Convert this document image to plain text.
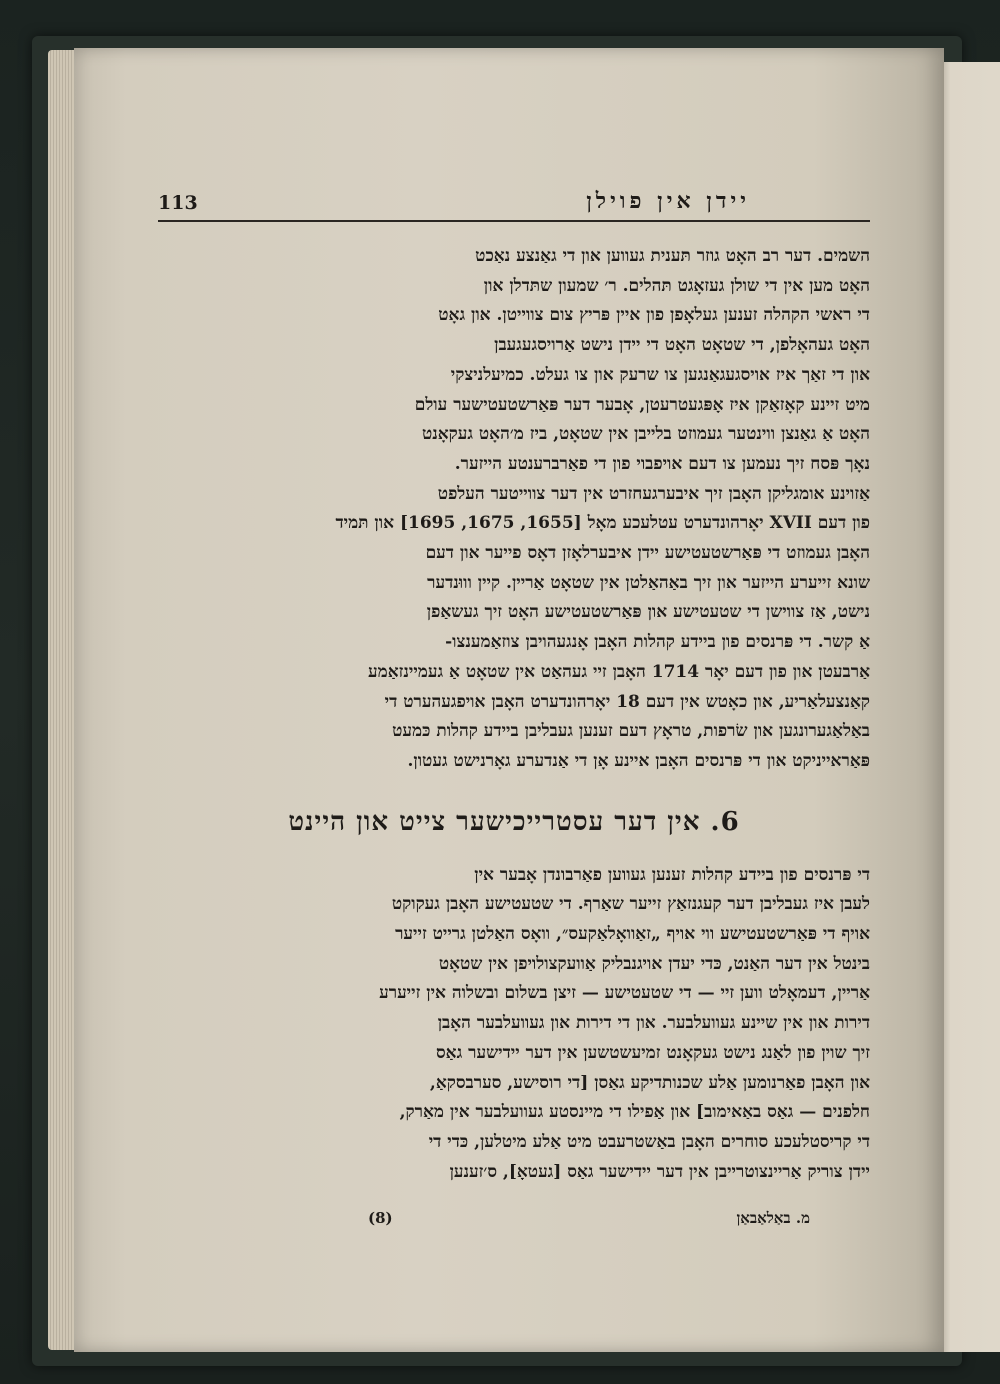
יידן אין פוילן
113

השמים. דער רב האָט גוזר תּענית געווען און די גאַנצע נאַכט

האָט מען אין די שולן געזאָגט תּהלים. ר׳ שמעון שתּדלן און

די ראשי הקהלה זענען געלאָפן פון איין פּריץ צום צווייטן. און גאָט

האָט געהאָלפן, די שטאָט האָט די יידן נישט אַרויסגעגעבן

און די זאַך איז אויסגעגאַנגען צו שרעק און צו געלט. כמיעלניצקי

מיט זיינע קאָזאַקן איז אָפּגעטרעטן, אָבער דער פּאַרשטעטישער עולם

האָט אַ גאַנצן ווינטער געמוזט בלייבן אין שטאָט, ביז מ׳האָט געקאָנט

נאָך פּסח זיך נעמען צו דעם אויפבוי פון די פאַרברענטע הייזער.

אַזוינע אומגליקן האָבן זיך איבערגעחזרט אין דער צווייטער העלפט

פון דעם XVII יאָרהונדערט עטלעכע מאָל [1655, 1675, 1695] און תּמיד

האָבן געמוזט די פּאַרשטעטישע יידן איבערלאָזן דאָס פייער און דעם

שונא זייערע הייזער און זיך באַהאַלטן אין שטאָט אַריין. קיין וווּנדער

נישט, אַז צווישן די שטעטישע און פּאַרשטעטישע האָט זיך געשאַפן

אַ קשר. די פּרנסים פון ביידע קהלות האָבן אָנגעהויבן צוזאַמענצו-

אַרבעטן און פון דעם יאָר 1714 האָבן זיי געהאַט אין שטאָט אַ געמיינזאַמע

קאַנצעלאַריע, און כאָטש אין דעם 18 יאָרהונדערט האָבן אויפגעהערט די

באַלאַגערונגען און שׂרפות, טראָץ דעם זענען געבליבן ביידע קהלות כּמעט

פּאַראייניקט און די פּרנסים האָבן איינע אָן די אַנדערע גאָרנישט געטון.

6. אין דער עסטרייכישער צייט און היינט

די פּרנסים פון ביידע קהלות זענען געווען פאַרבונדן אָבער אין

לעבן איז געבליבן דער קעגנזאַץ זייער שאַרף. די שטעטישע האָבן געקוקט

אויף די פּאַרשטעטישע ווי אויף „זאַוואָלאַקעס״, וואָס האַלטן גרייט זייער

בינטל אין דער האַנט, כּדי יעדן אויגנבליק אַוועקצולויפן אין שטאָט

אַריין, דעמאָלט ווען זיי — די שטעטישע — זיצן בשלום ובשלוה אין זייערע

דירות און אין שיינע געוועלבער. און די דירות און געוועלבער האָבן

זיך שוין פון לאַנג נישט געקאָנט זמיעשטשען אין דער יידישער גאַס

און האָבן פאַרנומען אַלע שכנותדיקע גאַסן [די רוסישע, סערבסקאַ,

חלפנים — גאַס באַאימוב] און אַפילו די מיינסטע געוועלבער אין מאַרק,

די קריסטלעכע סוחרים האָבן באַשטרעבט מיט אַלע מיטלען, כּדי די

יידן צוריק אַריינצוטרייבן אין דער יידישער גאַס [געטאָ], ס׳זענען

מ. באַלאַבאַן
(8)
